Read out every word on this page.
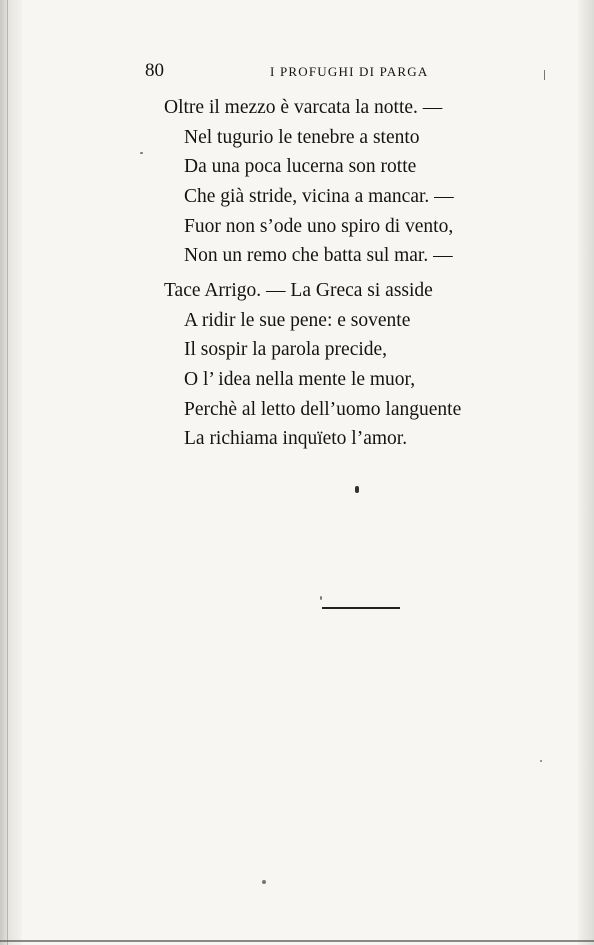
80	I PROFUGHI DI PARGA
Oltre il mezzo è varcata la notte. —
Nel tugurio le tenebre a stento
Da una poca lucerna son rotte
Che già stride, vicina a mancar. —
Fuor non s’ode uno spiro di vento,
Non un remo che batta sul mar. —
Tace Arrigo. — La Greca si asside
A ridir le sue pene: e sovente
Il sospir la parola precide,
O l’ idea nella mente le muor,
Perchè al letto dell’uomo languente
La richiama inquïeto l’amor.
